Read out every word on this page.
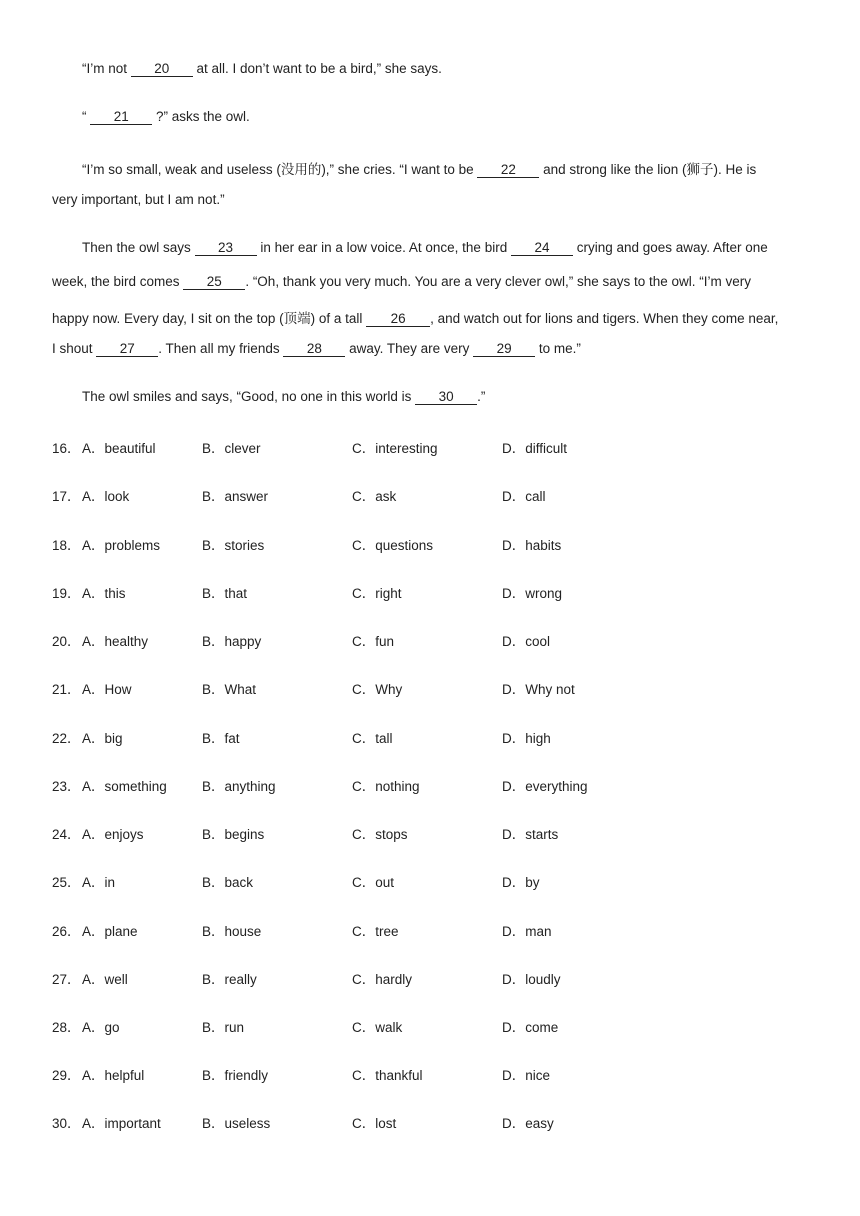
“I’m not 20 at all. I don’t want to be a bird,” she says.
“ 21 ?” asks the owl.
“I’m so small, weak and useless (没用的),” she cries. “I want to be 22 and strong like the lion (狮子). He is
very important, but I am not.”
Then the owl says 23 in her ear in a low voice. At once, the bird 24 crying and goes away. After one
week, the bird comes 25 . “Oh, thank you very much. You are a very clever owl,” she says to the owl. “I’m very
happy now. Every day, I sit on the top (顶端) of a tall 26 , and watch out for lions and tigers. When they come near,
I shout 27 . Then all my friends 28 away. They are very 29 to me.”
The owl smiles and says, “Good, no one in this world is 30 .”
16． A．beautiful	B．clever	C．interesting	D．difficult
17． A．look	B．answer	C．ask	D．call
18． A．problems	B．stories	C．questions	D．habits
19． A．this	B．that	C．right	D．wrong
20． A．healthy	B．happy	C．fun	D．cool
21． A．How	B．What	C．Why	D．Why not
22． A．big	B．fat	C．tall	D．high
23． A．something	B．anything	C．nothing	D．everything
24． A．enjoys	B．begins	C．stops	D．starts
25． A．in	B．back	C．out	D．by
26． A．plane	B．house	C．tree	D．man
27． A．well	B．really	C．hardly	D．loudly
28． A．go	B．run	C．walk	D．come
29． A．helpful	B．friendly	C．thankful	D．nice
30． A．important	B．useless	C．lost	D．easy
